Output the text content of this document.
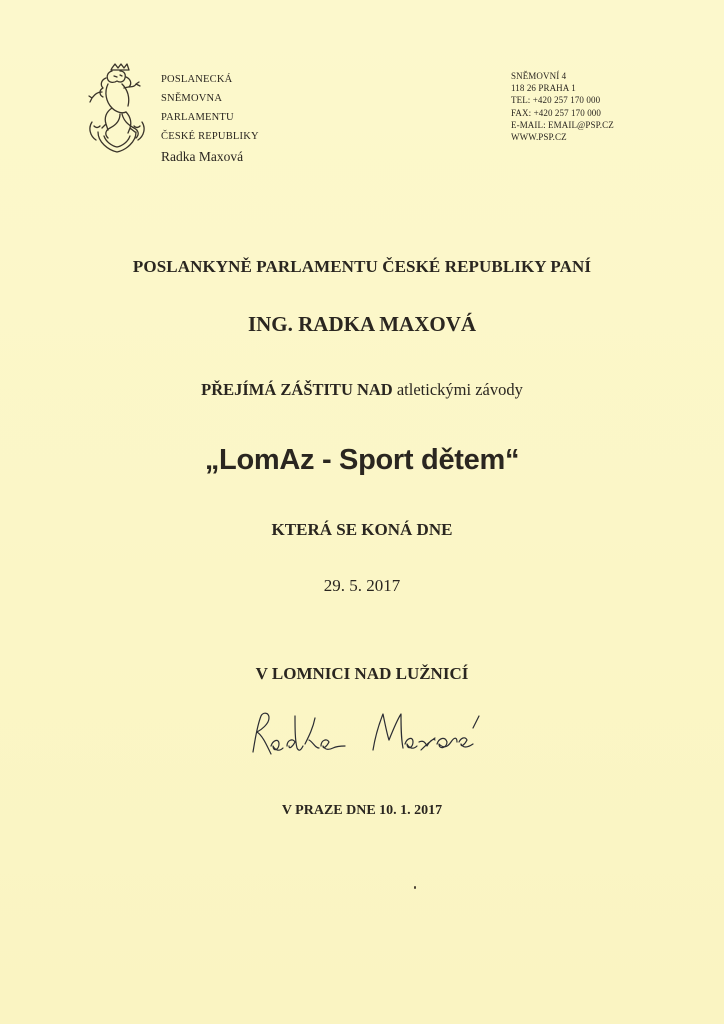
POSLANECKÁ
SNĚMOVNA
PARLAMENTU
ČESKÉ REPUBLIKY
Radka Maxová
SNĚMOVNÍ 4
118 26 PRAHA 1
TEL: +420 257 170 000
FAX: +420 257 170 000
E-MAIL: EMAIL@PSP.CZ
WWW.PSP.CZ
POSLANKYNĚ PARLAMENTU ČESKÉ REPUBLIKY PANÍ
ING. RADKA MAXOVÁ
PŘEJÍMÁ ZÁŠTITU NAD atletickými závody
„LomAz - Sport dětem“
KTERÁ SE KONÁ DNE
29. 5. 2017
V LOMNICI NAD LUŽNICÍ
V PRAZE DNE 10. 1. 2017
